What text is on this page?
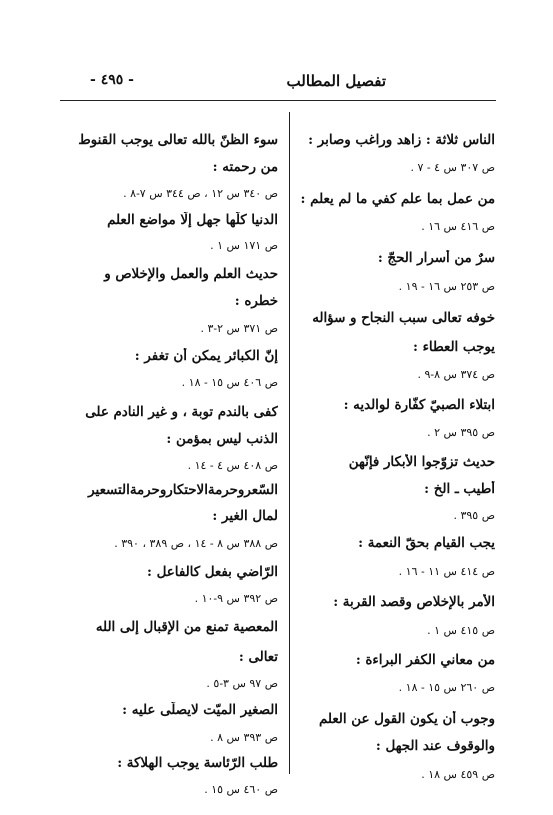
تفصيل المطالب
- ٤٩٥ -
الناس ثلاثة : زاهد وراغب وصابر :
ص ٣٠٧ س ٤ - ٧ .
من عمل بما علم كفي ما لم يعلم :
ص ٤١٦ س ١٦ .
سرٌ من أسرار الحجّ :
ص ٢٥٣ س ١٦ - ١٩ .
خوفه تعالى سبب النجاح و سؤاله
يوجب العطاء :
ص ٣٧٤ س ٨-٩ .
ابتلاء الصبيّ كفّارة لوالديه :
ص ٣٩٥ س ٢ .
حديث تزوّجوا الأبكار فإنّهن
أطيب ـ الخ :
ص ٣٩٥ .
يجب القيام بحقّ النعمة :
ص ٤١٤ س ١١ - ١٦ .
الأمر بالإخلاص وقصد القربة :
ص ٤١٥ س ١ .
من معاني الكفر البراءة :
ص ٢٦٠ س ١٥ - ١٨ .
وجوب أن يكون القول عن العلم
والوقوف عند الجهل :
ص ٤٥٩ س ١٨ .
سوء الظنّ بالله تعالى يوجب القنوط
من رحمته :
ص ٣٤٠ س ١٢ ، ص ٣٤٤ س ٧-٨ .
الدنيا كلّها جهل إلّا مواضع العلم
ص ١٧١ س ١ .
حديث العلم والعمل والإخلاص و
خطره :
ص ٣٧١ س ٢-٣ .
إنّ الكبائر يمكن أن تغفر :
ص ٤٠٦ س ١٥ - ١٨ .
كفى بالندم توبة ، و غير النادم على
الذنب ليس بمؤمن :
ص ٤٠٨ س ٤ - ١٤ .
السّعروحرمةالاحتكاروحرمةالتسعير
لمال الغير :
ص ٣٨٨ س ٨ - ١٤ ، ص ٣٨٩ ، ٣٩٠ .
الرّاضي بفعل كالفاعل :
ص ٣٩٢ س ٩-١٠ .
المعصية تمنع من الإقبال إلى الله
تعالى :
ص ٩٧ س ٣-٥ .
الصغير الميّت لايصلّى عليه :
ص ٣٩٣ س ٨ .
طلب الرّئاسة يوجب الهلاكة :
ص ٤٦٠ س ١٥ .
